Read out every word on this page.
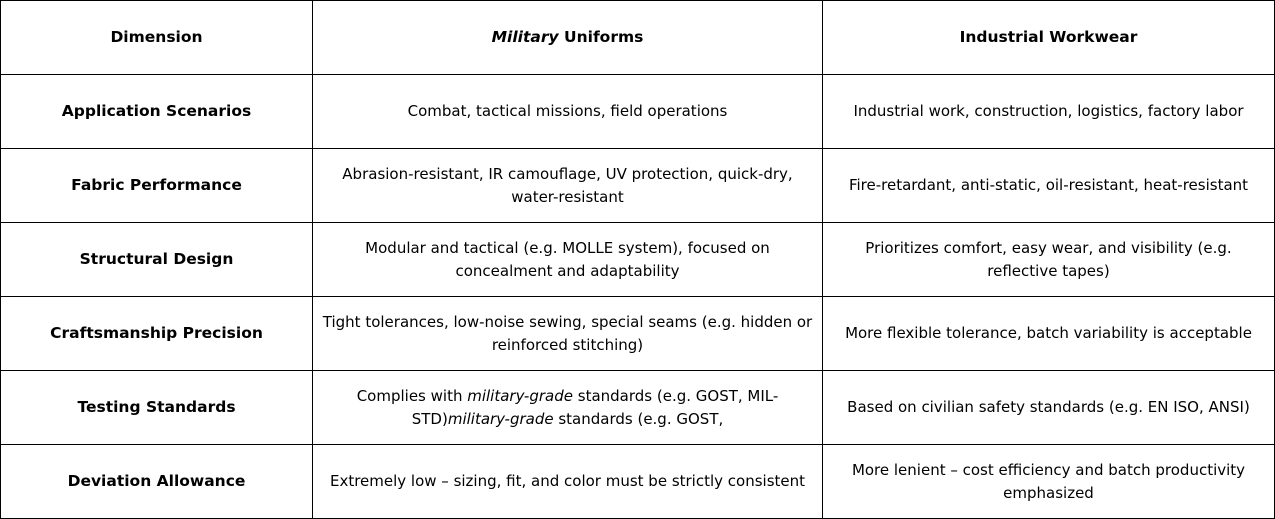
Dimension	Military Uniforms	Industrial Workwear
Application Scenarios	Combat, tactical missions, field operations	Industrial work, construction, logistics, factory labor
Fabric Performance	Abrasion-resistant, IR camouflage, UV protection, quick-dry, water-resistant	Fire-retardant, anti-static, oil-resistant, heat-resistant
Structural Design	Modular and tactical (e.g. MOLLE system), focused on concealment and adaptability	Prioritizes comfort, easy wear, and visibility (e.g. reflective tapes)
Craftsmanship Precision	Tight tolerances, low-noise sewing, special seams (e.g. hidden or reinforced stitching)	More flexible tolerance, batch variability is acceptable
Testing Standards	Complies with military-grade standards (e.g. GOST, MIL-STD)military-grade standards (e.g. GOST,	Based on civilian safety standards (e.g. EN ISO, ANSI)
Deviation Allowance	Extremely low – sizing, fit, and color must be strictly consistent	More lenient – cost efficiency and batch productivity emphasized
